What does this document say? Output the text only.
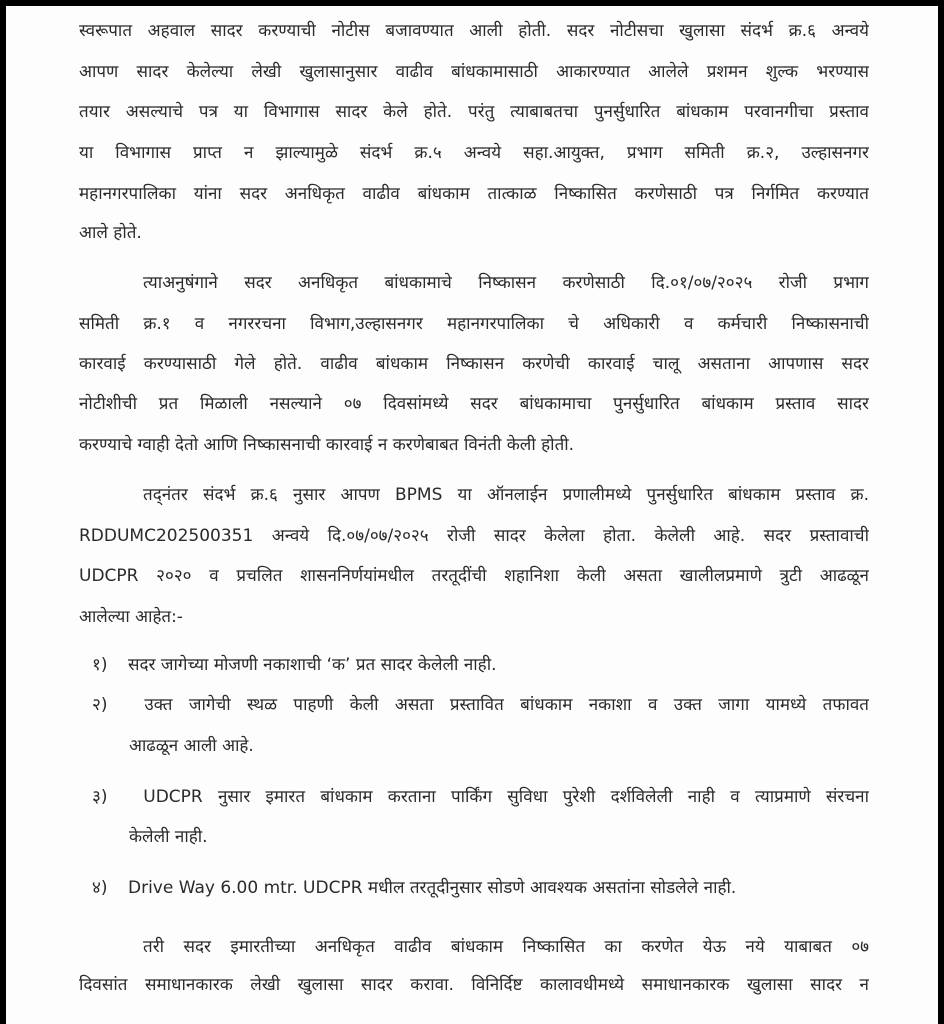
स्वरूपात अहवाल सादर करण्याची नोटीस बजावण्यात आली होती. सदर नोटीसचा खुलासा संदर्भ क्र.६ अन्वये
आपण सादर केलेल्या लेखी खुलासानुसार वाढीव बांधकामासाठी आकारण्यात आलेले प्रशमन शुल्क भरण्यास
तयार असल्याचे पत्र या विभागास सादर केले होते. परंतु त्याबाबतचा पुनर्सुधारित बांधकाम परवानगीचा प्रस्ताव
या विभागास प्राप्त न झाल्यामुळे संदर्भ क्र.५ अन्वये सहा.आयुक्त, प्रभाग समिती क्र.२, उल्हासनगर
महानगरपालिका यांना सदर अनधिकृत वाढीव बांधकाम तात्काळ निष्कासित करणेसाठी पत्र निर्गमित करण्यात
आले होते.
त्याअनुषंगाने सदर अनधिकृत बांधकामाचे निष्कासन करणेसाठी दि.०१/०७/२०२५ रोजी प्रभाग
समिती क्र.१ व नगररचना विभाग,उल्हासनगर महानगरपालिका चे अधिकारी व कर्मचारी निष्कासनाची
कारवाई करण्यासाठी गेले होते. वाढीव बांधकाम निष्कासन करणेची कारवाई चालू असताना आपणास सदर
नोटीशीची प्रत मिळाली नसल्याने ०७ दिवसांमध्ये सदर बांधकामाचा पुनर्सुधारित बांधकाम प्रस्ताव सादर
करण्याचे ग्वाही देतो आणि निष्कासनाची कारवाई न करणेबाबत विनंती केली होती.
तद्नंतर संदर्भ क्र.६ नुसार आपण BPMS या ऑनलाईन प्रणालीमध्ये पुनर्सुधारित बांधकाम प्रस्ताव क्र.
RDDUMC202500351 अन्वये दि.०७/०७/२०२५ रोजी सादर केलेला होता. केलेली आहे. सदर प्रस्तावाची
UDCPR २०२० व प्रचलित शासननिर्णयांमधील तरतूदींची शहानिशा केली असता खालीलप्रमाणे त्रुटी आढळून
आलेल्या आहेत:-
१) सदर जागेच्या मोजणी नकाशाची ‘क’ प्रत सादर केलेली नाही.
२) उक्त जागेची स्थळ पाहणी केली असता प्रस्तावित बांधकाम नकाशा व उक्त जागा यामध्ये तफावत
आढळून आली आहे.
३) UDCPR नुसार इमारत बांधकाम करताना पार्किंग सुविधा पुरेशी दर्शविलेली नाही व त्याप्रमाणे संरचना
केलेली नाही.
४) Drive Way 6.00 mtr. UDCPR मधील तरतूदीनुसार सोडणे आवश्यक असतांना सोडलेले नाही.
तरी सदर इमारतीच्या अनधिकृत वाढीव बांधकाम निष्कासित का करणेत येऊ नये याबाबत ०७
दिवसांत समाधानकारक लेखी खुलासा सादर करावा. विनिर्दिष्ट कालावधीमध्ये समाधानकारक खुलासा सादर न
